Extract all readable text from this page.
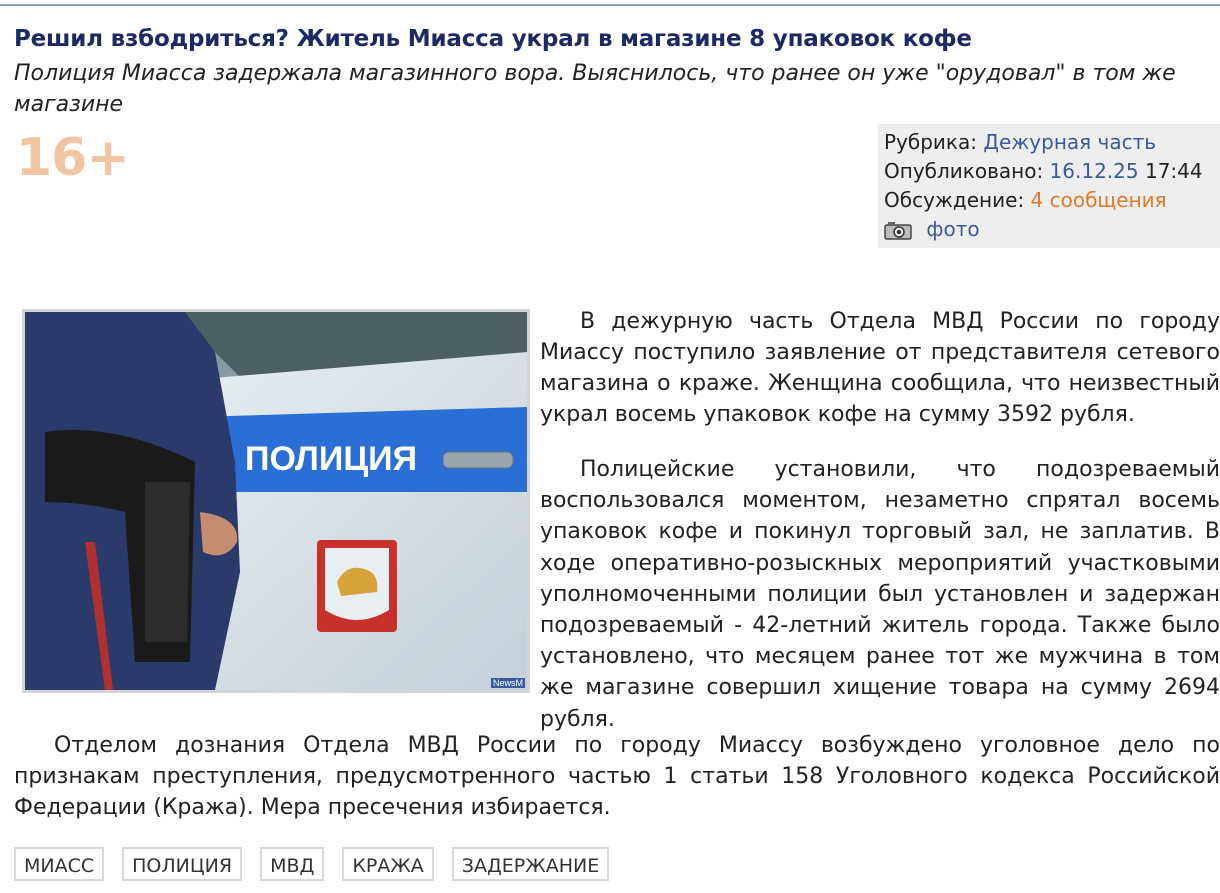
Решил взбодриться? Житель Миасса украл в магазине 8 упаковок кофе

Полиция Миасса задержала магазинного вора. Выяснилось, что ранее он уже "орудовал" в том же магазине

16+	Рубрика: Дежурная часть
Опубликовано: 16.12.25 17:44
Обсуждение: 4 сообщения
фото
ПОЛИЦИЯ
NewsM

В дежурную часть Отдела МВД России по городу Миассу поступило заявление от представителя сетевого магазина о краже. Женщина сообщила, что неизвестный украл восемь упаковок кофе на сумму 3592 рубля.

Полицейские установили, что подозреваемый воспользовался моментом, незаметно спрятал восемь упаковок кофе и покинул торговый зал, не заплатив. В ходе оперативно-розыскных мероприятий участковыми уполномоченными полиции был установлен и задержан подозреваемый - 42-летний житель города. Также было установлено, что месяцем ранее тот же мужчина в том же магазине совершил хищение товара на сумму 2694 рубля.

Отделом дознания Отдела МВД России по городу Миассу возбуждено уголовное дело по признакам преступления, предусмотренного частью 1 статьи 158 Уголовного кодекса Российской Федерации (Кража). Мера пресечения избирается.

МИАСС	ПОЛИЦИЯ	МВД	КРАЖА	ЗАДЕРЖАНИЕ
